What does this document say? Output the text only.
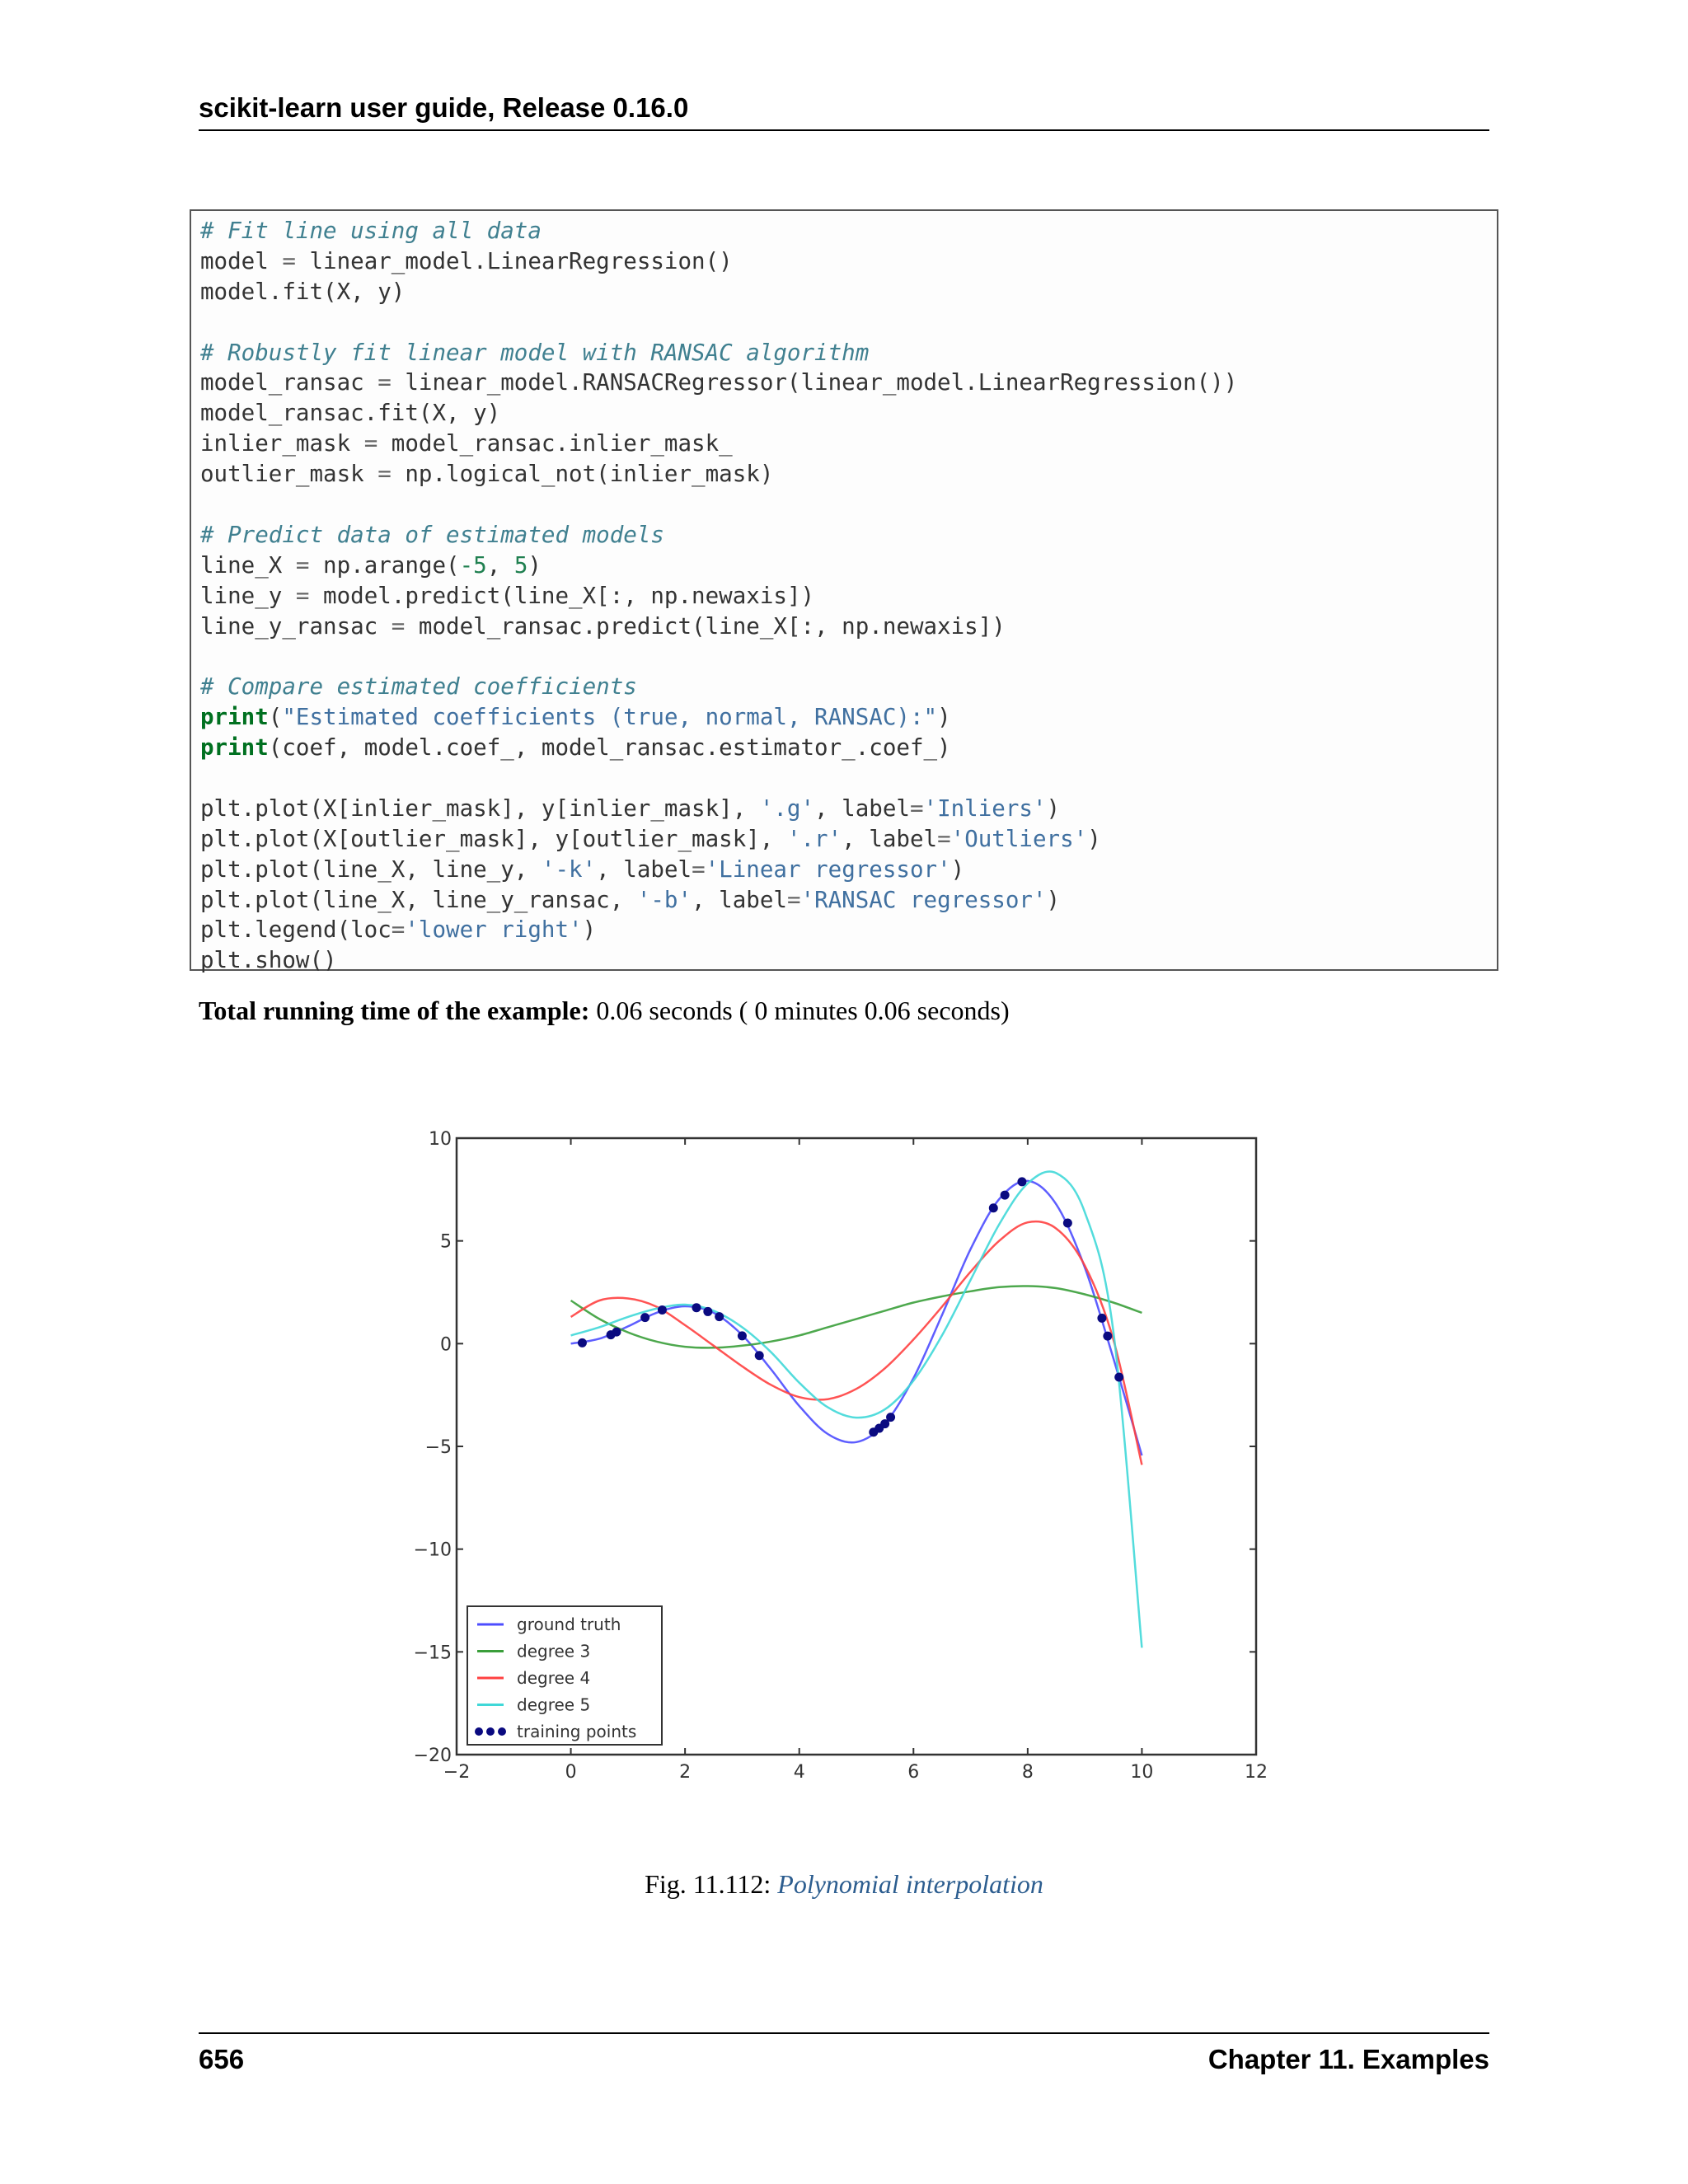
scikit-learn user guide, Release 0.16.0
# Fit line using all data
model = linear_model.LinearRegression()
model.fit(X, y)
# Robustly fit linear model with RANSAC algorithm
model_ransac = linear_model.RANSACRegressor(linear_model.LinearRegression())
model_ransac.fit(X, y)
inlier_mask = model_ransac.inlier_mask_
outlier_mask = np.logical_not(inlier_mask)
# Predict data of estimated models
line_X = np.arange(-5, 5)
line_y = model.predict(line_X[:, np.newaxis])
line_y_ransac = model_ransac.predict(line_X[:, np.newaxis])
# Compare estimated coefficients
print("Estimated coefficients (true, normal, RANSAC):")
print(coef, model.coef_, model_ransac.estimator_.coef_)
plt.plot(X[inlier_mask], y[inlier_mask], '.g', label='Inliers')
plt.plot(X[outlier_mask], y[outlier_mask], '.r', label='Outliers')
plt.plot(line_X, line_y, '-k', label='Linear regressor')
plt.plot(line_X, line_y_ransac, '-b', label='RANSAC regressor')
plt.legend(loc='lower right')
plt.show()
Total running time of the example: 0.06 seconds ( 0 minutes 0.06 seconds)
−2	0	2	4	6	8	10	12
−20
−15
−10
−5
0
5
10
ground truth
degree 3
degree 4
degree 5
training points
Fig. 11.112: Polynomial interpolation
656	Chapter 11. Examples
